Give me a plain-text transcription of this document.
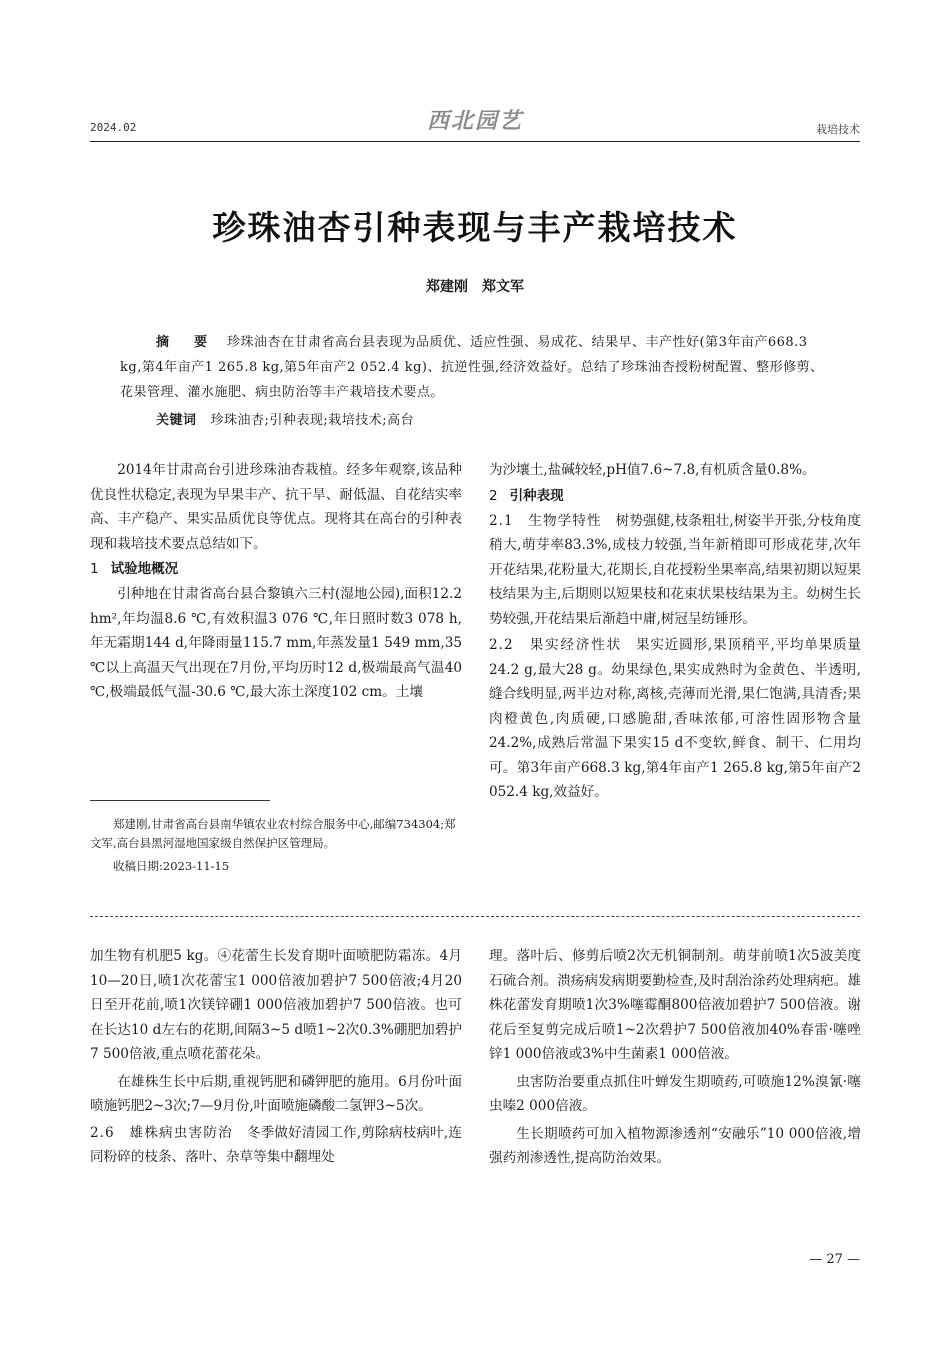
2024.02	西北园艺	栽培技术
珍珠油杏引种表现与丰产栽培技术
郑建刚　郑文军
摘　要 珍珠油杏在甘肃省高台县表现为品质优、适应性强、易成花、结果早、丰产性好(第3年亩产668.3 kg,第4年亩产1 265.8 kg,第5年亩产2 052.4 kg)、抗逆性强,经济效益好。总结了珍珠油杏授粉树配置、整形修剪、花果管理、灌水施肥、病虫防治等丰产栽培技术要点。
关键词 珍珠油杏;引种表现;栽培技术;高台

2014年甘肃高台引进珍珠油杏栽植。经多年观察,该品种优良性状稳定,表现为早果丰产、抗干旱、耐低温、自花结实率高、丰产稳产、果实品质优良等优点。现将其在高台的引种表现和栽培技术要点总结如下。

1 试验地概况

引种地在甘肃省高台县合黎镇六三村(湿地公园),面积12.2 hm²,年均温8.6 ℃,有效积温3 076 ℃,年日照时数3 078 h,年无霜期144 d,年降雨量115.7 mm,年蒸发量1 549 mm,35 ℃以上高温天气出现在7月份,平均历时12 d,极端最高气温40 ℃,极端最低气温-30.6 ℃,最大冻土深度102 cm。土壤

郑建刚,甘肃省高台县南华镇农业农村综合服务中心,邮编734304;郑文军,高台县黑河湿地国家级自然保护区管理局。

收稿日期:2023-11-15

为沙壤土,盐碱较轻,pH值7.6~7.8,有机质含量0.8%。

2 引种表现

2.1　生物学特性 树势强健,枝条粗壮,树姿半开张,分枝角度稍大,萌芽率83.3%,成枝力较强,当年新梢即可形成花芽,次年开花结果,花粉量大,花期长,自花授粉坐果率高,结果初期以短果枝结果为主,后期则以短果枝和花束状果枝结果为主。幼树生长势较强,开花结果后渐趋中庸,树冠呈纺锤形。

2.2　果实经济性状 果实近圆形,果顶稍平,平均单果质量24.2 g,最大28 g。幼果绿色,果实成熟时为金黄色、半透明,缝合线明显,两半边对称,离核,壳薄而光滑,果仁饱满,具清香;果肉橙黄色,肉质硬,口感脆甜,香味浓郁,可溶性固形物含量24.2%,成熟后常温下果实15 d不变软,鲜食、制干、仁用均可。第3年亩产668.3 kg,第4年亩产1 265.8 kg,第5年亩产2 052.4 kg,效益好。

加生物有机肥5 kg。④花蕾生长发育期叶面喷肥防霜冻。4月10—20日,喷1次花蕾宝1 000倍液加碧护7 500倍液;4月20日至开花前,喷1次镁锌硼1 000倍液加碧护7 500倍液。也可在长达10 d左右的花期,间隔3~5 d喷1~2次0.3%硼肥加碧护7 500倍液,重点喷花蕾花朵。

在雄株生长中后期,重视钙肥和磷钾肥的施用。6月份叶面喷施钙肥2~3次;7—9月份,叶面喷施磷酸二氢钾3~5次。

2.6　雄株病虫害防治 冬季做好清园工作,剪除病枝病叶,连同粉碎的枝条、落叶、杂草等集中翻埋处

理。落叶后、修剪后喷2次无机铜制剂。萌芽前喷1次5波美度石硫合剂。溃疡病发病期要勤检查,及时刮治涂药处理病疤。雄株花蕾发育期喷1次3%噻霉酮800倍液加碧护7 500倍液。谢花后至复剪完成后喷1~2次碧护7 500倍液加40%春雷·噻唑锌1 000倍液或3%中生菌素1 000倍液。

虫害防治要重点抓住叶蝉发生期喷药,可喷施12%溴氰·噻虫嗪2 000倍液。

生长期喷药可加入植物源渗透剂“安融乐”10 000倍液,增强药剂渗透性,提高防治效果。

— 27 —
